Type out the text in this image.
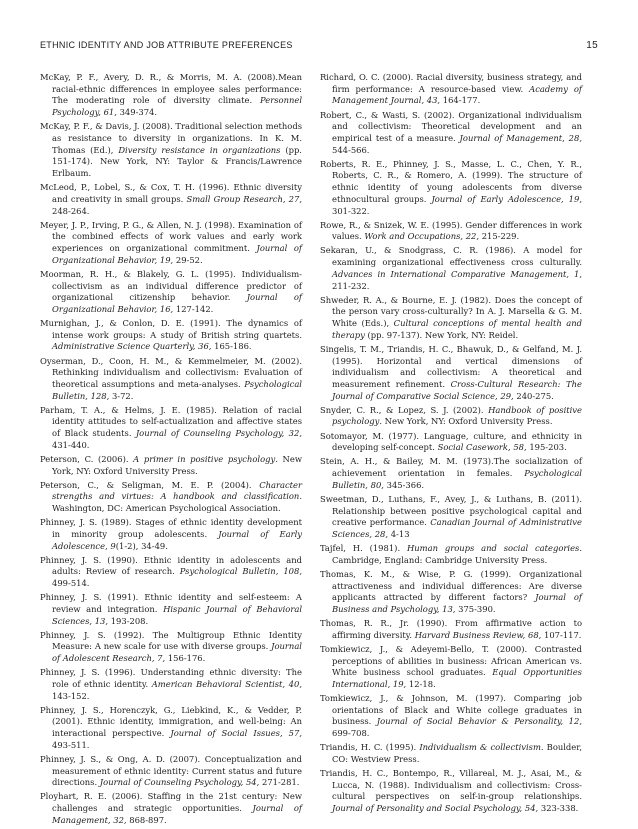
ETHNIC IDENTITY AND JOB ATTRIBUTE PREFERENCES	15

McKay, P. F., Avery, D. R., & Morris, M. A. (2008).Mean racial-ethnic differences in employee sales performance: The moderating role of diversity climate. Personnel Psychology, 61, 349-374.

McKay, P. F., & Davis, J. (2008). Traditional selection methods as resistance to diversity in organizations. In K. M. Thomas (Ed.), Diversity resistance in organizations (pp. 151-174). New York, NY: Taylor & Francis/Lawrence Erlbaum.

McLeod, P., Lobel, S., & Cox, T. H. (1996). Ethnic diversity and creativity in small groups. Small Group Research, 27, 248-264.

Meyer, J. P., Irving, P. G., & Allen, N. J. (1998). Examination of the combined effects of work values and early work experiences on organizational commitment. Journal of Organizational Behavior, 19, 29-52.

Moorman, R. H., & Blakely, G. L. (1995). Individualism-collectivism as an individual difference predictor of organizational citizenship behavior. Journal of Organizational Behavior, 16, 127-142.

Murnighan, J., & Conlon, D. E. (1991). The dynamics of intense work groups: A study of British string quartets. Administrative Science Quarterly, 36, 165-186.

Oyserman, D., Coon, H. M., & Kemmelmeier, M. (2002). Rethinking individualism and collectivism: Evaluation of theoretical assumptions and meta-analyses. Psychological Bulletin, 128, 3-72.

Parham, T. A., & Helms, J. E. (1985). Relation of racial identity attitudes to self-actualization and affective states of Black students. Journal of Counseling Psychology, 32, 431-440.

Peterson, C. (2006). A primer in positive psychology. New York, NY: Oxford University Press.

Peterson, C., & Seligman, M. E. P. (2004). Character strengths and virtues: A handbook and classification. Washington, DC: American Psychological Association.

Phinney, J. S. (1989). Stages of ethnic identity development in minority group adolescents. Journal of Early Adolescence, 9(1-2), 34-49.

Phinney, J. S. (1990). Ethnic identity in adolescents and adults: Review of research. Psychological Bulletin, 108, 499-514.

Phinney, J. S. (1991). Ethnic identity and self-esteem: A review and integration. Hispanic Journal of Behavioral Sciences, 13, 193-208.

Phinney, J. S. (1992). The Multigroup Ethnic Identity Measure: A new scale for use with diverse groups. Journal of Adolescent Research, 7, 156-176.

Phinney, J. S. (1996). Understanding ethnic diversity: The role of ethnic identity. American Behavioral Scientist, 40, 143-152.

Phinney, J. S., Horenczyk, G., Liebkind, K., & Vedder, P. (2001). Ethnic identity, immigration, and well-being: An interactional perspective. Journal of Social Issues, 57, 493-511.

Phinney, J. S., & Ong, A. D. (2007). Conceptualization and measurement of ethnic identity: Current status and future directions. Journal of Counseling Psychology, 54, 271-281.

Ployhart, R. E. (2006). Staffing in the 21st century: New challenges and strategic opportunities. Journal of Management, 32, 868-897.

Richard, O. C. (2000). Racial diversity, business strategy, and firm performance: A resource-based view. Academy of Management Journal, 43, 164-177.

Robert, C., & Wasti, S. (2002). Organizational individualism and collectivism: Theoretical development and an empirical test of a measure. Journal of Management, 28, 544-566.

Roberts, R. E., Phinney, J. S., Masse, L. C., Chen, Y. R., Roberts, C. R., & Romero, A. (1999). The structure of ethnic identity of young adolescents from diverse ethnocultural groups. Journal of Early Adolescence, 19, 301-322.

Rowe, R., & Snizek, W. E. (1995). Gender differences in work values. Work and Occupations, 22, 215-229.

Sekaran, U., & Snodgrass, C. R. (1986). A model for examining organizational effectiveness cross culturally. Advances in International Comparative Management, 1, 211-232.

Shweder, R. A., & Bourne, E. J. (1982). Does the concept of the person vary cross-culturally? In A. J. Marsella & G. M. White (Eds.), Cultural conceptions of mental health and therapy (pp. 97-137). New York, NY: Reidel.

Singelis, T. M., Triandis, H. C., Bhawuk, D., & Gelfand, M. J. (1995). Horizontal and vertical dimensions of individualism and collectivism: A theoretical and measurement refinement. Cross-Cultural Research: The Journal of Comparative Social Science, 29, 240-275.

Snyder, C. R., & Lopez, S. J. (2002). Handbook of positive psychology. New York, NY: Oxford University Press.

Sotomayor, M. (1977). Language, culture, and ethnicity in developing self-concept. Social Casework, 58, 195-203.

Stein, A. H., & Bailey, M. M. (1973).The socialization of achievement orientation in females. Psychological Bulletin, 80, 345-366.

Sweetman, D., Luthans, F., Avey, J., & Luthans, B. (2011). Relationship between positive psychological capital and creative performance. Canadian Journal of Administrative Sciences, 28, 4-13

Tajfel, H. (1981). Human groups and social categories. Cambridge, England: Cambridge University Press.

Thomas, K. M., & Wise, P. G. (1999). Organizational attractiveness and individual differences: Are diverse applicants attracted by different factors? Journal of Business and Psychology, 13, 375-390.

Thomas, R. R., Jr. (1990). From affirmative action to affirming diversity. Harvard Business Review, 68, 107-117.

Tomkiewicz, J., & Adeyemi-Bello, T. (2000). Contrasted perceptions of abilities in business: African American vs. White business school graduates. Equal Opportunities International, 19, 12-18.

Tomkiewicz, J., & Johnson, M. (1997). Comparing job orientations of Black and White college graduates in business. Journal of Social Behavior & Personality, 12, 699-708.

Triandis, H. C. (1995). Individualism & collectivism. Boulder, CO: Westview Press.

Triandis, H. C., Bontempo, R., Villareal, M. J., Asai, M., & Lucca, N. (1988). Individualism and collectivism: Cross-cultural perspectives on self-in-group relationships. Journal of Personality and Social Psychology, 54, 323-338.
